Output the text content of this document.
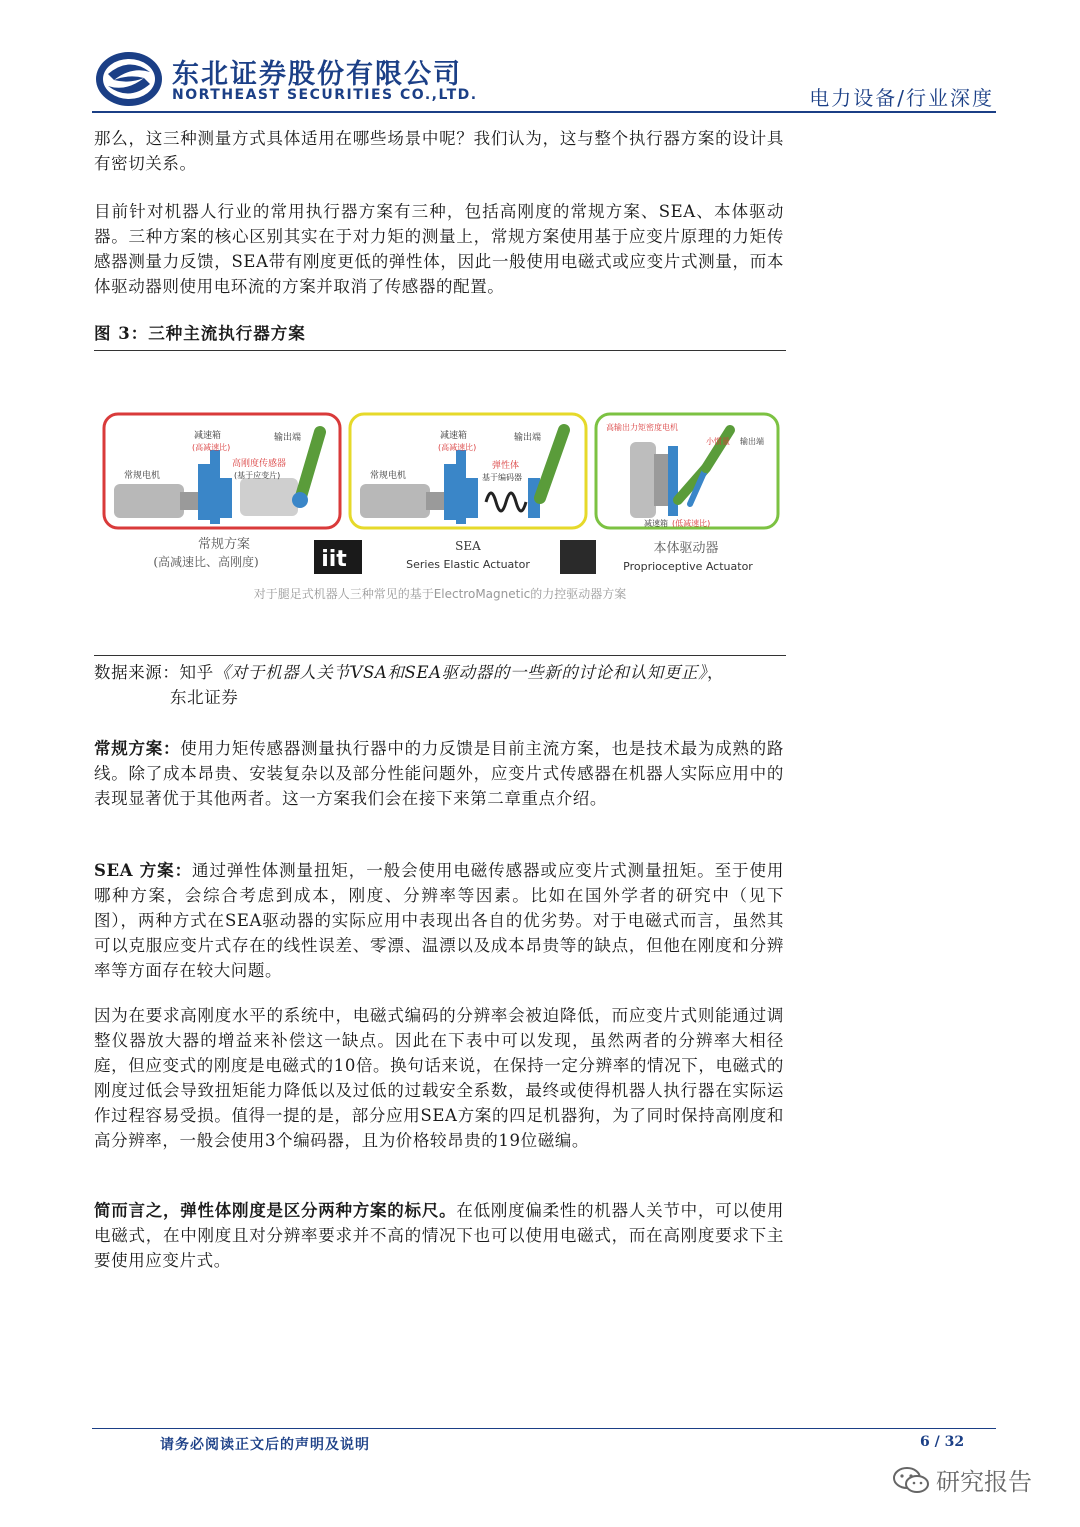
东北证券股份有限公司
NORTHEAST SECURITIES CO.,LTD.	电力设备/行业深度

那么，这三种测量方式具体适用在哪些场景中呢？我们认为，这与整个执行器方案的设计具有密切关系。

目前针对机器人行业的常用执行器方案有三种，包括高刚度的常规方案、SEA、本体驱动器。三种方案的核心区别其实在于对力矩的测量上，常规方案使用基于应变片原理的力矩传感器测量力反馈，SEA带有刚度更低的弹性体，因此一般使用电磁式或应变片式测量，而本体驱动器则使用电环流的方案并取消了传感器的配置。

图 3：三种主流执行器方案
常规电机
减速箱
(高减速比)
高刚度传感器
(基于应变片)
输出端
常规方案
(高减速比、高刚度)	iit
常规电机
减速箱
(高减速比)
弹性体
基于编码器
输出端
SEA
Series Elastic Actuator
高输出力矩密度电机
小惯量 输出端
减速箱 (低减速比)
本体驱动器
Proprioceptive Actuator
对于腿足式机器人三种常见的基于ElectroMagnetic的力控驱动器方案
数据来源：知乎《对于机器人关节VSA和SEA驱动器的一些新的讨论和认知更正》，
东北证券

常规方案：使用力矩传感器测量执行器中的力反馈是目前主流方案，也是技术最为成熟的路线。除了成本昂贵、安装复杂以及部分性能问题外，应变片式传感器在机器人实际应用中的表现显著优于其他两者。这一方案我们会在接下来第二章重点介绍。

SEA 方案：通过弹性体测量扭矩，一般会使用电磁传感器或应变片式测量扭矩。至于使用哪种方案，会综合考虑到成本，刚度、分辨率等因素。比如在国外学者的研究中（见下图），两种方式在SEA驱动器的实际应用中表现出各自的优劣势。对于电磁式而言，虽然其可以克服应变片式存在的线性误差、零漂、温漂以及成本昂贵等的缺点，但他在刚度和分辨率等方面存在较大问题。

因为在要求高刚度水平的系统中，电磁式编码的分辨率会被迫降低，而应变片式则能通过调整仪器放大器的增益来补偿这一缺点。因此在下表中可以发现，虽然两者的分辨率大相径庭，但应变式的刚度是电磁式的10倍。换句话来说，在保持一定分辨率的情况下，电磁式的刚度过低会导致扭矩能力降低以及过低的过载安全系数，最终或使得机器人执行器在实际运作过程容易受损。值得一提的是，部分应用SEA方案的四足机器狗，为了同时保持高刚度和高分辨率，一般会使用3个编码器，且为价格较昂贵的19位磁编。

简而言之，弹性体刚度是区分两种方案的标尺。在低刚度偏柔性的机器人关节中，可以使用电磁式，在中刚度且对分辨率要求并不高的情况下也可以使用电磁式，而在高刚度要求下主要使用应变片式。

请务必阅读正文后的声明及说明	6 / 32
研究报告
